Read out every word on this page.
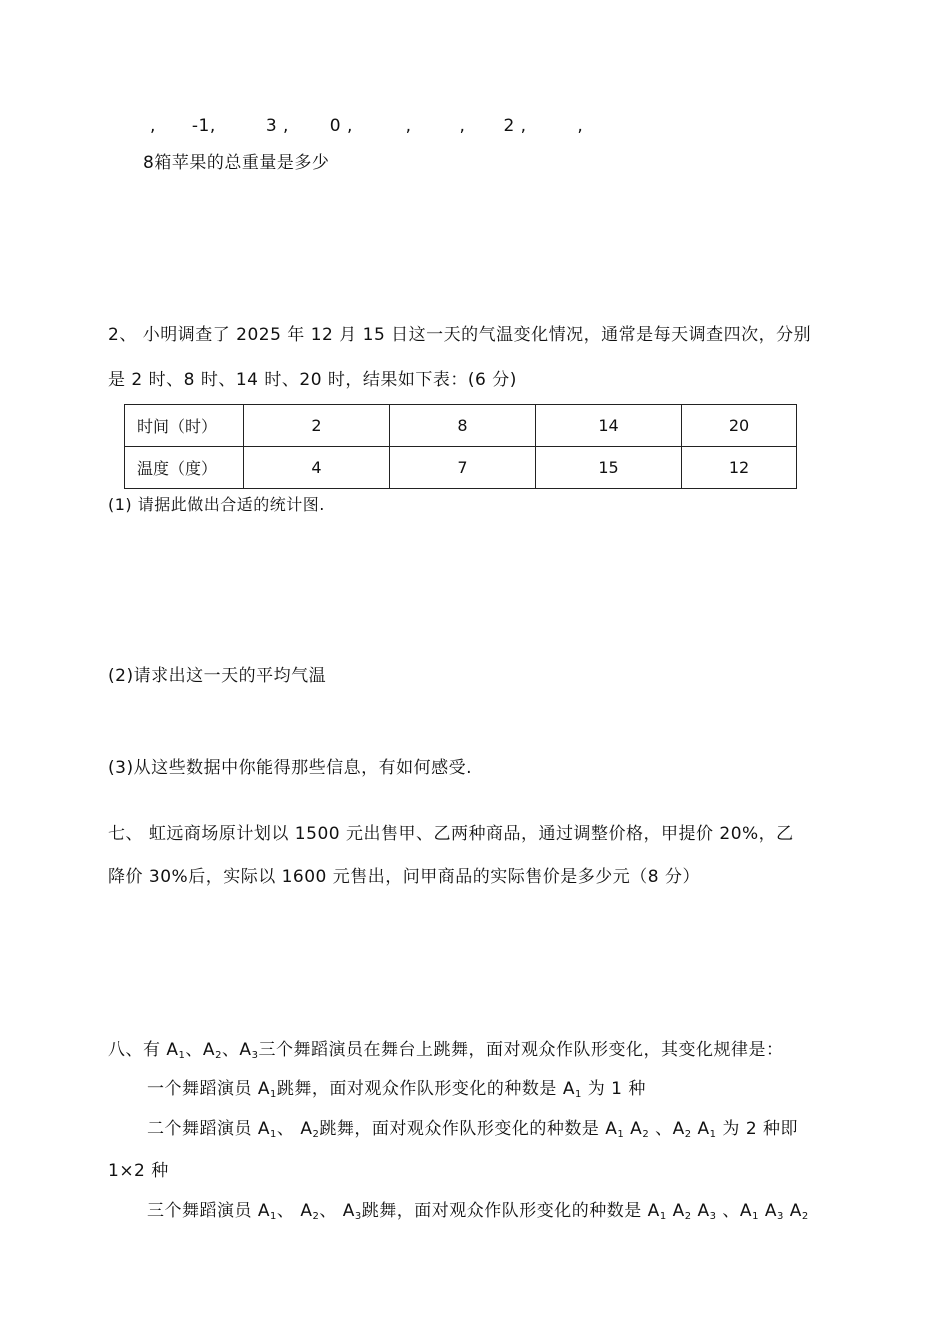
, -1,	3 , 0 ,	,	, 2 ,	,
8箱苹果的总重量是多少
2、 小明调查了 2025 年 12 月 15 日这一天的气温变化情况，通常是每天调查四次，分别
是 2 时、8 时、14 时、20 时，结果如下表：(6 分)
时间（时）	2	8	14	20
温度（度）	4	7	15	12
(1) 请据此做出合适的统计图.
(2)请求出这一天的平均气温
(3)从这些数据中你能得那些信息，有如何感受.
七、 虹远商场原计划以 1500 元出售甲、乙两种商品，通过调整价格，甲提价 20%，乙
降价 30%后，实际以 1600 元售出，问甲商品的实际售价是多少元（8 分）
八、有 $A_1$、$A_2$、$A_3$三个舞蹈演员在舞台上跳舞，面对观众作队形变化，其变化规律是：
一个舞蹈演员 $A_1$跳舞，面对观众作队形变化的种数是 $A_1$ 为 1 种
二个舞蹈演员 $A_1$、 $A_2$跳舞，面对观众作队形变化的种数是 $A_1$ $A_2$ 、$A_2$ $A_1$ 为 2 种即
1×2 种
三个舞蹈演员 $A_1$、 $A_2$、 $A_3$跳舞，面对观众作队形变化的种数是 $A_1$ $A_2$ $A_3$ 、$A_1$ $A_3$ $A_2$
